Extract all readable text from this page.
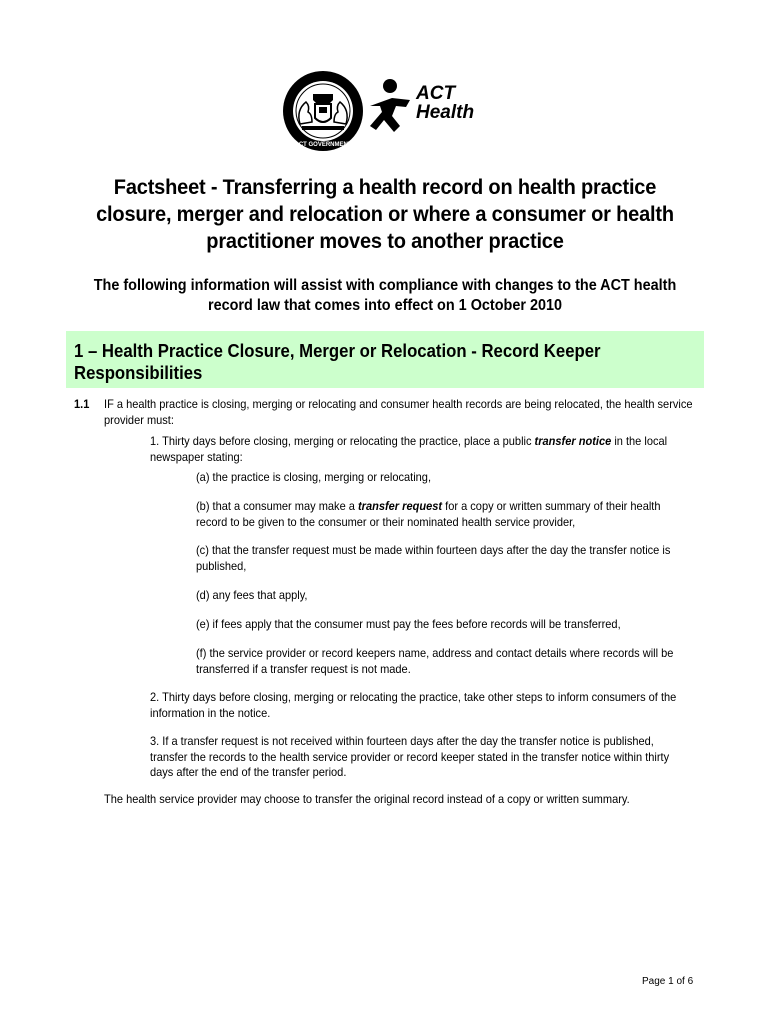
ACT GOVERNMENT
ACT
Health
Factsheet - Transferring a health record on health practice closure, merger and relocation or where a consumer or health practitioner moves to another practice
The following information will assist with compliance with changes to the ACT health record law that comes into effect on 1 October 2010
1 – Health Practice Closure, Merger or Relocation - Record Keeper Responsibilities
1.1 IF a health practice is closing, merging or relocating and consumer health records are being relocated, the health service provider must:
1. Thirty days before closing, merging or relocating the practice, place a public transfer notice in the local newspaper stating:
(a) the practice is closing, merging or relocating,
(b) that a consumer may make a transfer request for a copy or written summary of their health record to be given to the consumer or their nominated health service provider,
(c) that the transfer request must be made within fourteen days after the day the transfer notice is published,
(d) any fees that apply,
(e) if fees apply that the consumer must pay the fees before records will be transferred,
(f) the service provider or record keepers name, address and contact details where records will be transferred if a transfer request is not made.
2. Thirty days before closing, merging or relocating the practice, take other steps to inform consumers of the information in the notice.
3. If a transfer request is not received within fourteen days after the day the transfer notice is published, transfer the records to the health service provider or record keeper stated in the transfer notice within thirty days after the end of the transfer period.
The health service provider may choose to transfer the original record instead of a copy or written summary.
Page 1 of 6
